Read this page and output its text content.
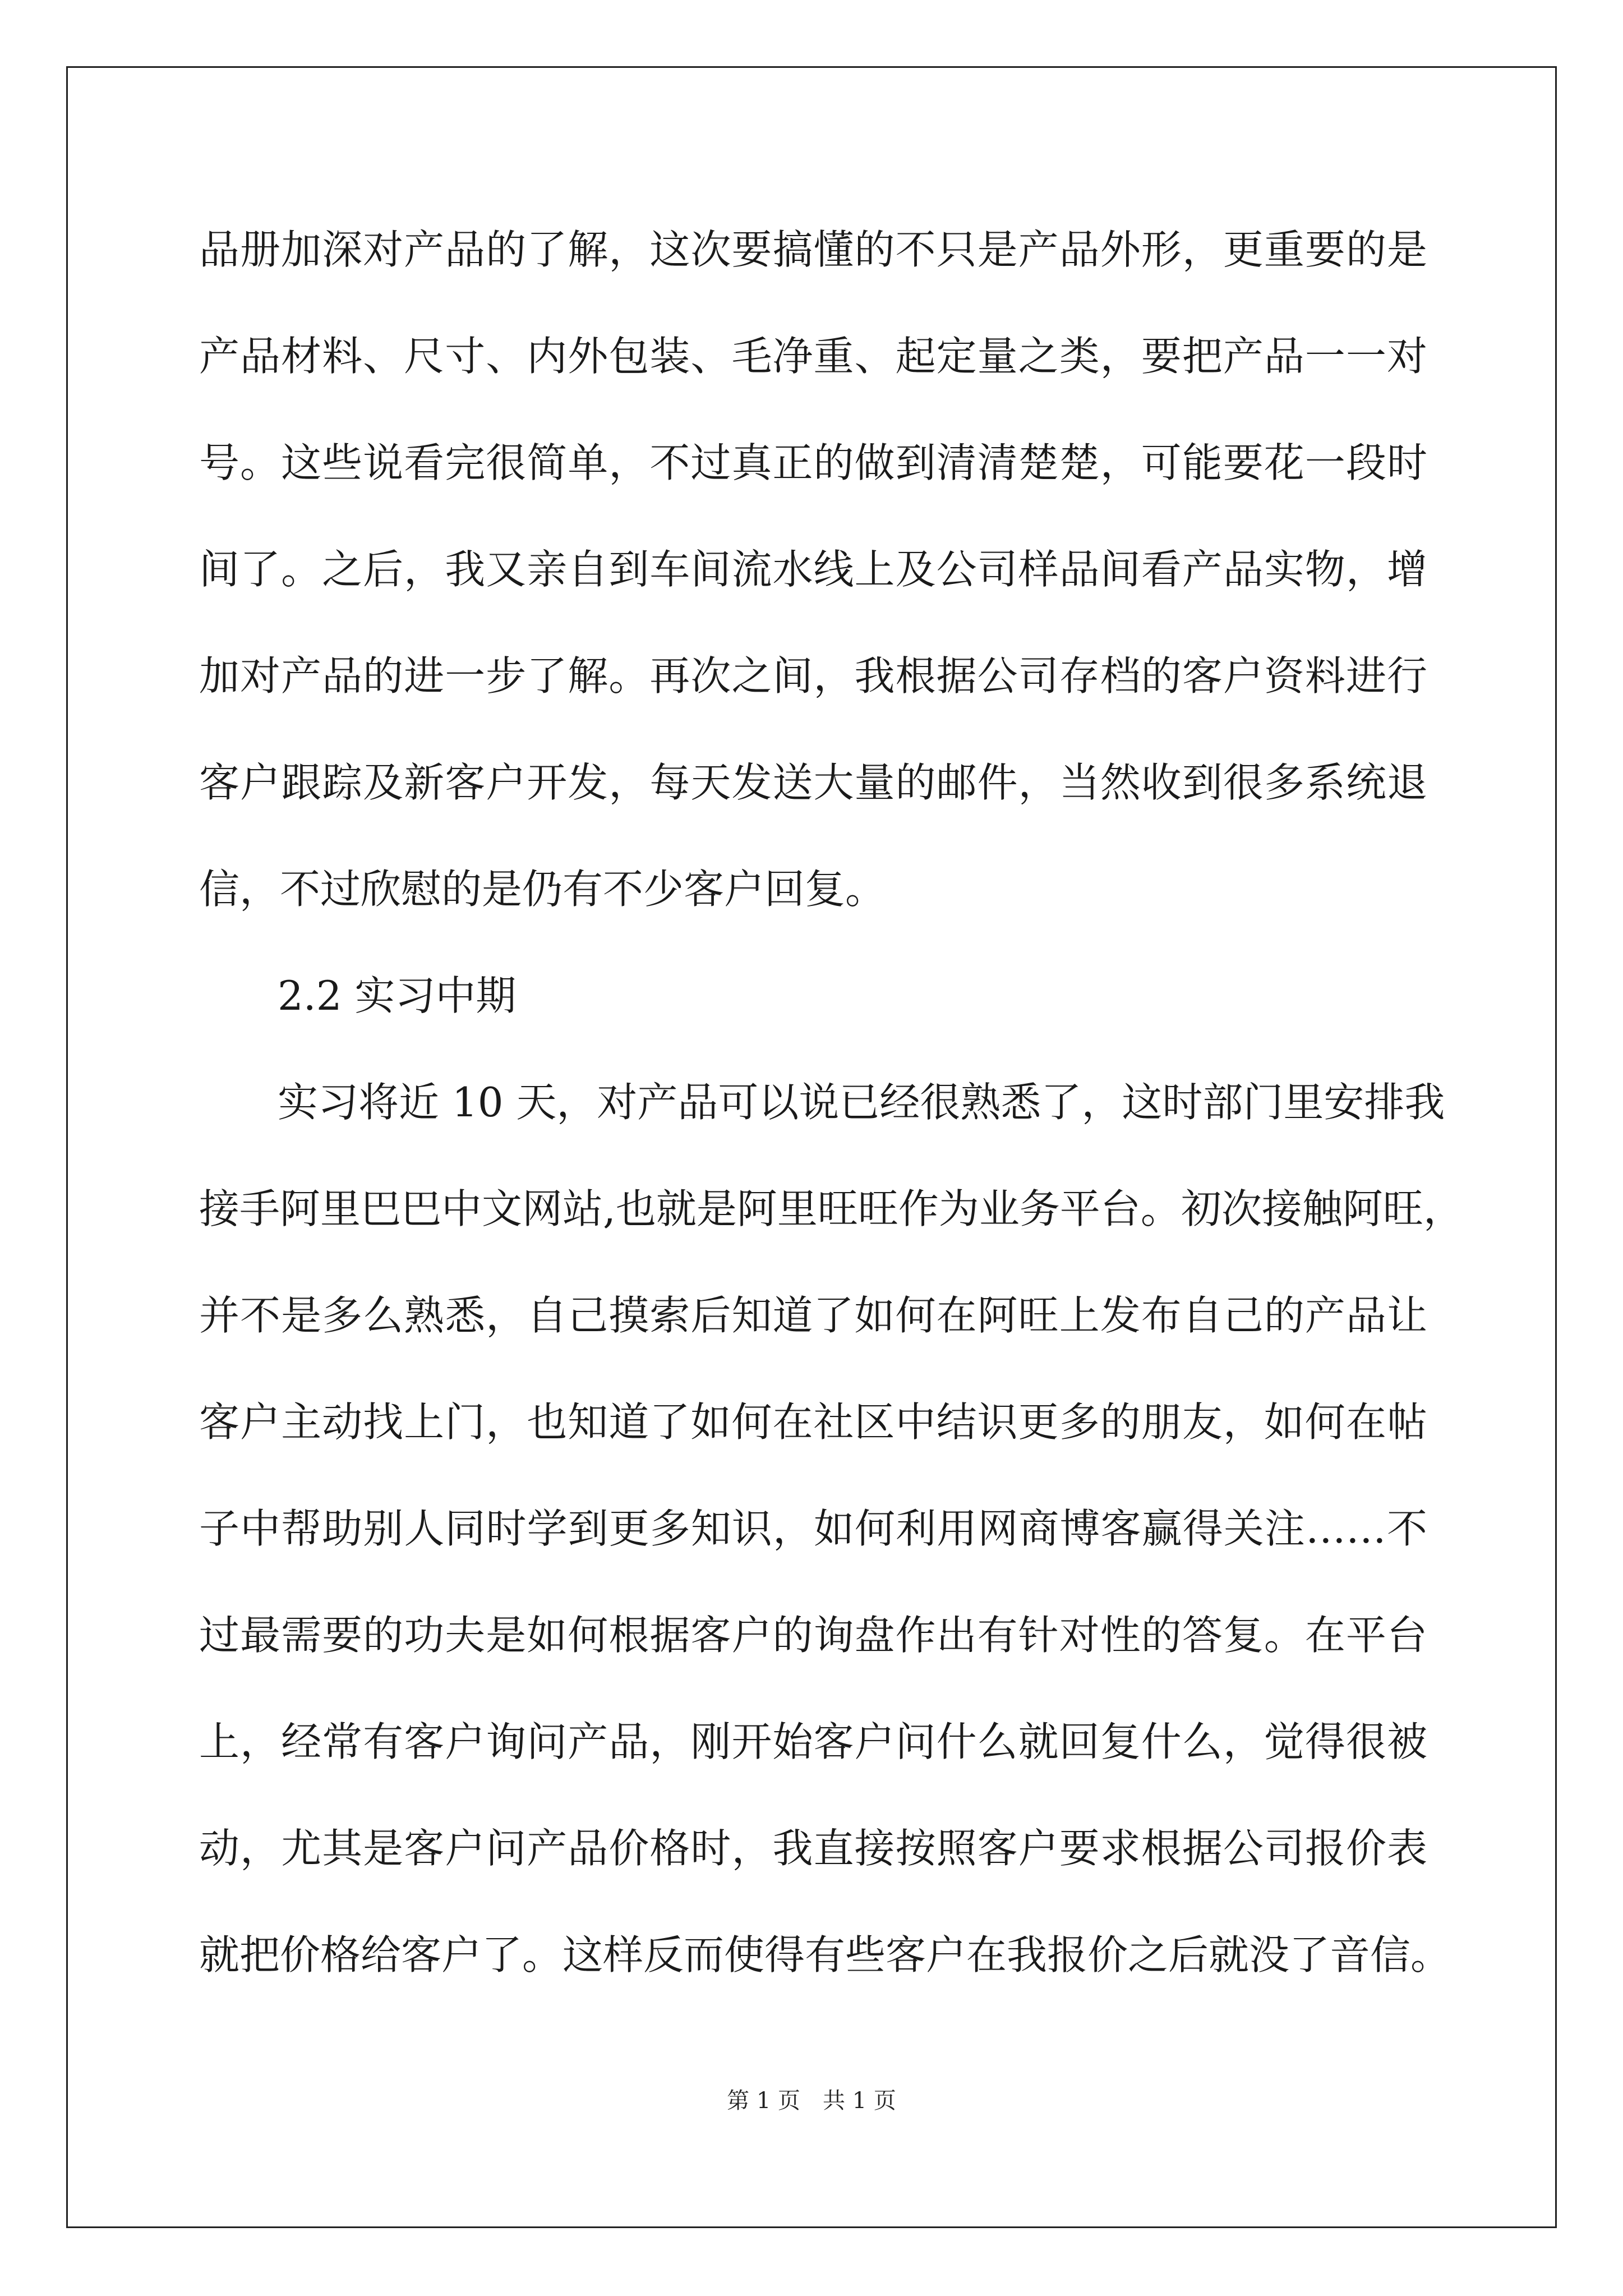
品册加深对产品的了解，这次要搞懂的不只是产品外形，更重要的是
产品材料、尺寸、内外包装、毛净重、起定量之类，要把产品一一对
号。这些说看完很简单，不过真正的做到清清楚楚，可能要花一段时
间了。之后，我又亲自到车间流水线上及公司样品间看产品实物，增
加对产品的进一步了解。再次之间，我根据公司存档的客户资料进行
客户跟踪及新客户开发，每天发送大量的邮件，当然收到很多系统退
信，不过欣慰的是仍有不少客户回复。
2.2 实习中期
实习将近 10 天，对产品可以说已经很熟悉了，这时部门里安排我
接手阿里巴巴中文网站,也就是阿里旺旺作为业务平台。初次接触阿旺，
并不是多么熟悉，自己摸索后知道了如何在阿旺上发布自己的产品让
客户主动找上门，也知道了如何在社区中结识更多的朋友，如何在帖
子中帮助别人同时学到更多知识，如何利用网商博客赢得关注……不
过最需要的功夫是如何根据客户的询盘作出有针对性的答复。在平台
上，经常有客户询问产品，刚开始客户问什么就回复什么，觉得很被
动，尤其是客户问产品价格时，我直接按照客户要求根据公司报价表
就把价格给客户了。这样反而使得有些客户在我报价之后就没了音信。
第 1 页　共 1 页
